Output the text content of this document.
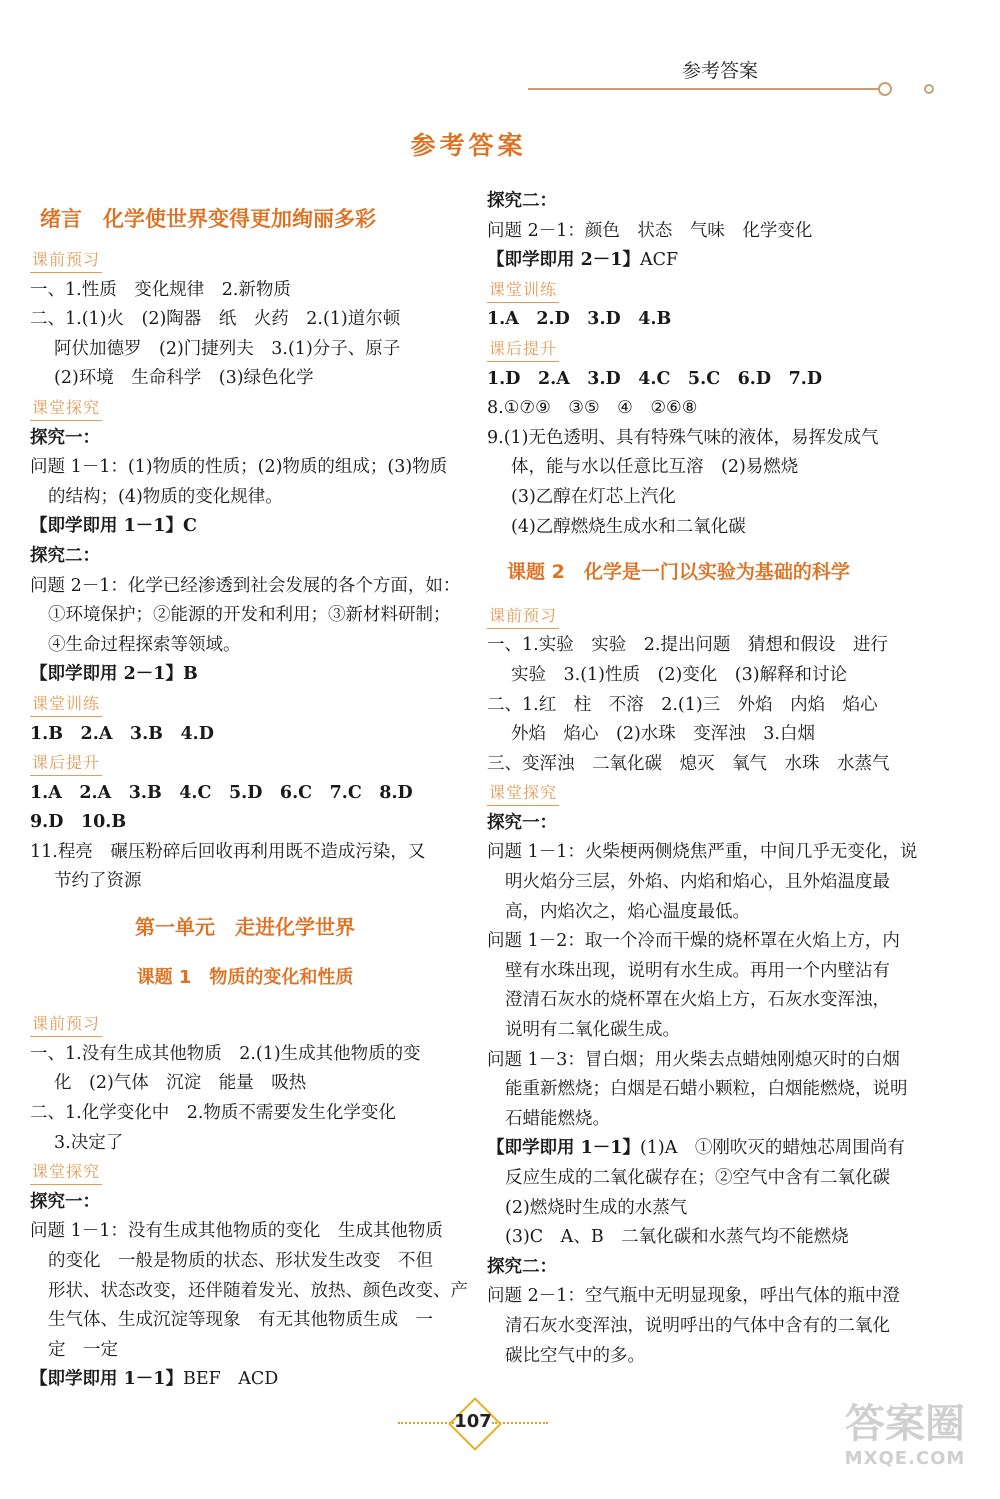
参考答案
参考答案
绪言　化学使世界变得更加绚丽多彩
课前预习
一、1.性质　变化规律　2.新物质
二、1.(1)火　(2)陶器　纸　火药　2.(1)道尔顿
阿伏加德罗　(2)门捷列夫　3.(1)分子、原子
(2)环境　生命科学　(3)绿色化学
课堂探究
探究一：
问题 1－1：(1)物质的性质；(2)物质的组成；(3)物质
的结构；(4)物质的变化规律。
【即学即用 1－1】C
探究二：
问题 2－1：化学已经渗透到社会发展的各个方面，如：
①环境保护；②能源的开发和利用；③新材料研制；
④生命过程探索等领域。
【即学即用 2－1】B
课堂训练
1.B　2.A　3.B　4.D
课后提升
1.A　2.A　3.B　4.C　5.D　6.C　7.C　8.D
9.D　10.B
11.程亮　碾压粉碎后回收再利用既不造成污染，又
节约了资源
第一单元　走进化学世界
课题 1　物质的变化和性质
课前预习
一、1.没有生成其他物质　2.(1)生成其他物质的变
化　(2)气体　沉淀　能量　吸热
二、1.化学变化中　2.物质不需要发生化学变化
3.决定了
课堂探究
探究一：
问题 1－1：没有生成其他物质的变化　生成其他物质
的变化　一般是物质的状态、形状发生改变　不但
形状、状态改变，还伴随着发光、放热、颜色改变、产
生气体、生成沉淀等现象　有无其他物质生成　一
定　一定
【即学即用 1－1】BEF　ACD
探究二：
问题 2－1：颜色　状态　气味　化学变化
【即学即用 2－1】ACF
课堂训练
1.A　2.D　3.D　4.B
课后提升
1.D　2.A　3.D　4.C　5.C　6.D　7.D
8.①⑦⑨　③⑤　④　②⑥⑧
9.(1)无色透明、具有特殊气味的液体，易挥发成气
体，能与水以任意比互溶　(2)易燃烧
(3)乙醇在灯芯上汽化
(4)乙醇燃烧生成水和二氧化碳
课题 2　化学是一门以实验为基础的科学
课前预习
一、1.实验　实验　2.提出问题　猜想和假设　进行
实验　3.(1)性质　(2)变化　(3)解释和讨论
二、1.红　柱　不溶　2.(1)三　外焰　内焰　焰心
外焰　焰心　(2)水珠　变浑浊　3.白烟
三、变浑浊　二氧化碳　熄灭　氧气　水珠　水蒸气
课堂探究
探究一：
问题 1－1：火柴梗两侧烧焦严重，中间几乎无变化，说
明火焰分三层，外焰、内焰和焰心，且外焰温度最
高，内焰次之，焰心温度最低。
问题 1－2：取一个冷而干燥的烧杯罩在火焰上方，内
壁有水珠出现，说明有水生成。再用一个内壁沾有
澄清石灰水的烧杯罩在火焰上方，石灰水变浑浊，
说明有二氧化碳生成。
问题 1－3：冒白烟；用火柴去点蜡烛刚熄灭时的白烟
能重新燃烧；白烟是石蜡小颗粒，白烟能燃烧，说明
石蜡能燃烧。
【即学即用 1－1】(1)A　①刚吹灭的蜡烛芯周围尚有
反应生成的二氧化碳存在；②空气中含有二氧化碳
(2)燃烧时生成的水蒸气
(3)C　A、B　二氧化碳和水蒸气均不能燃烧
探究二：
问题 2－1：空气瓶中无明显现象，呼出气体的瓶中澄
清石灰水变浑浊，说明呼出的气体中含有的二氧化
碳比空气中的多。
107	答案圈
MXQE.COM
